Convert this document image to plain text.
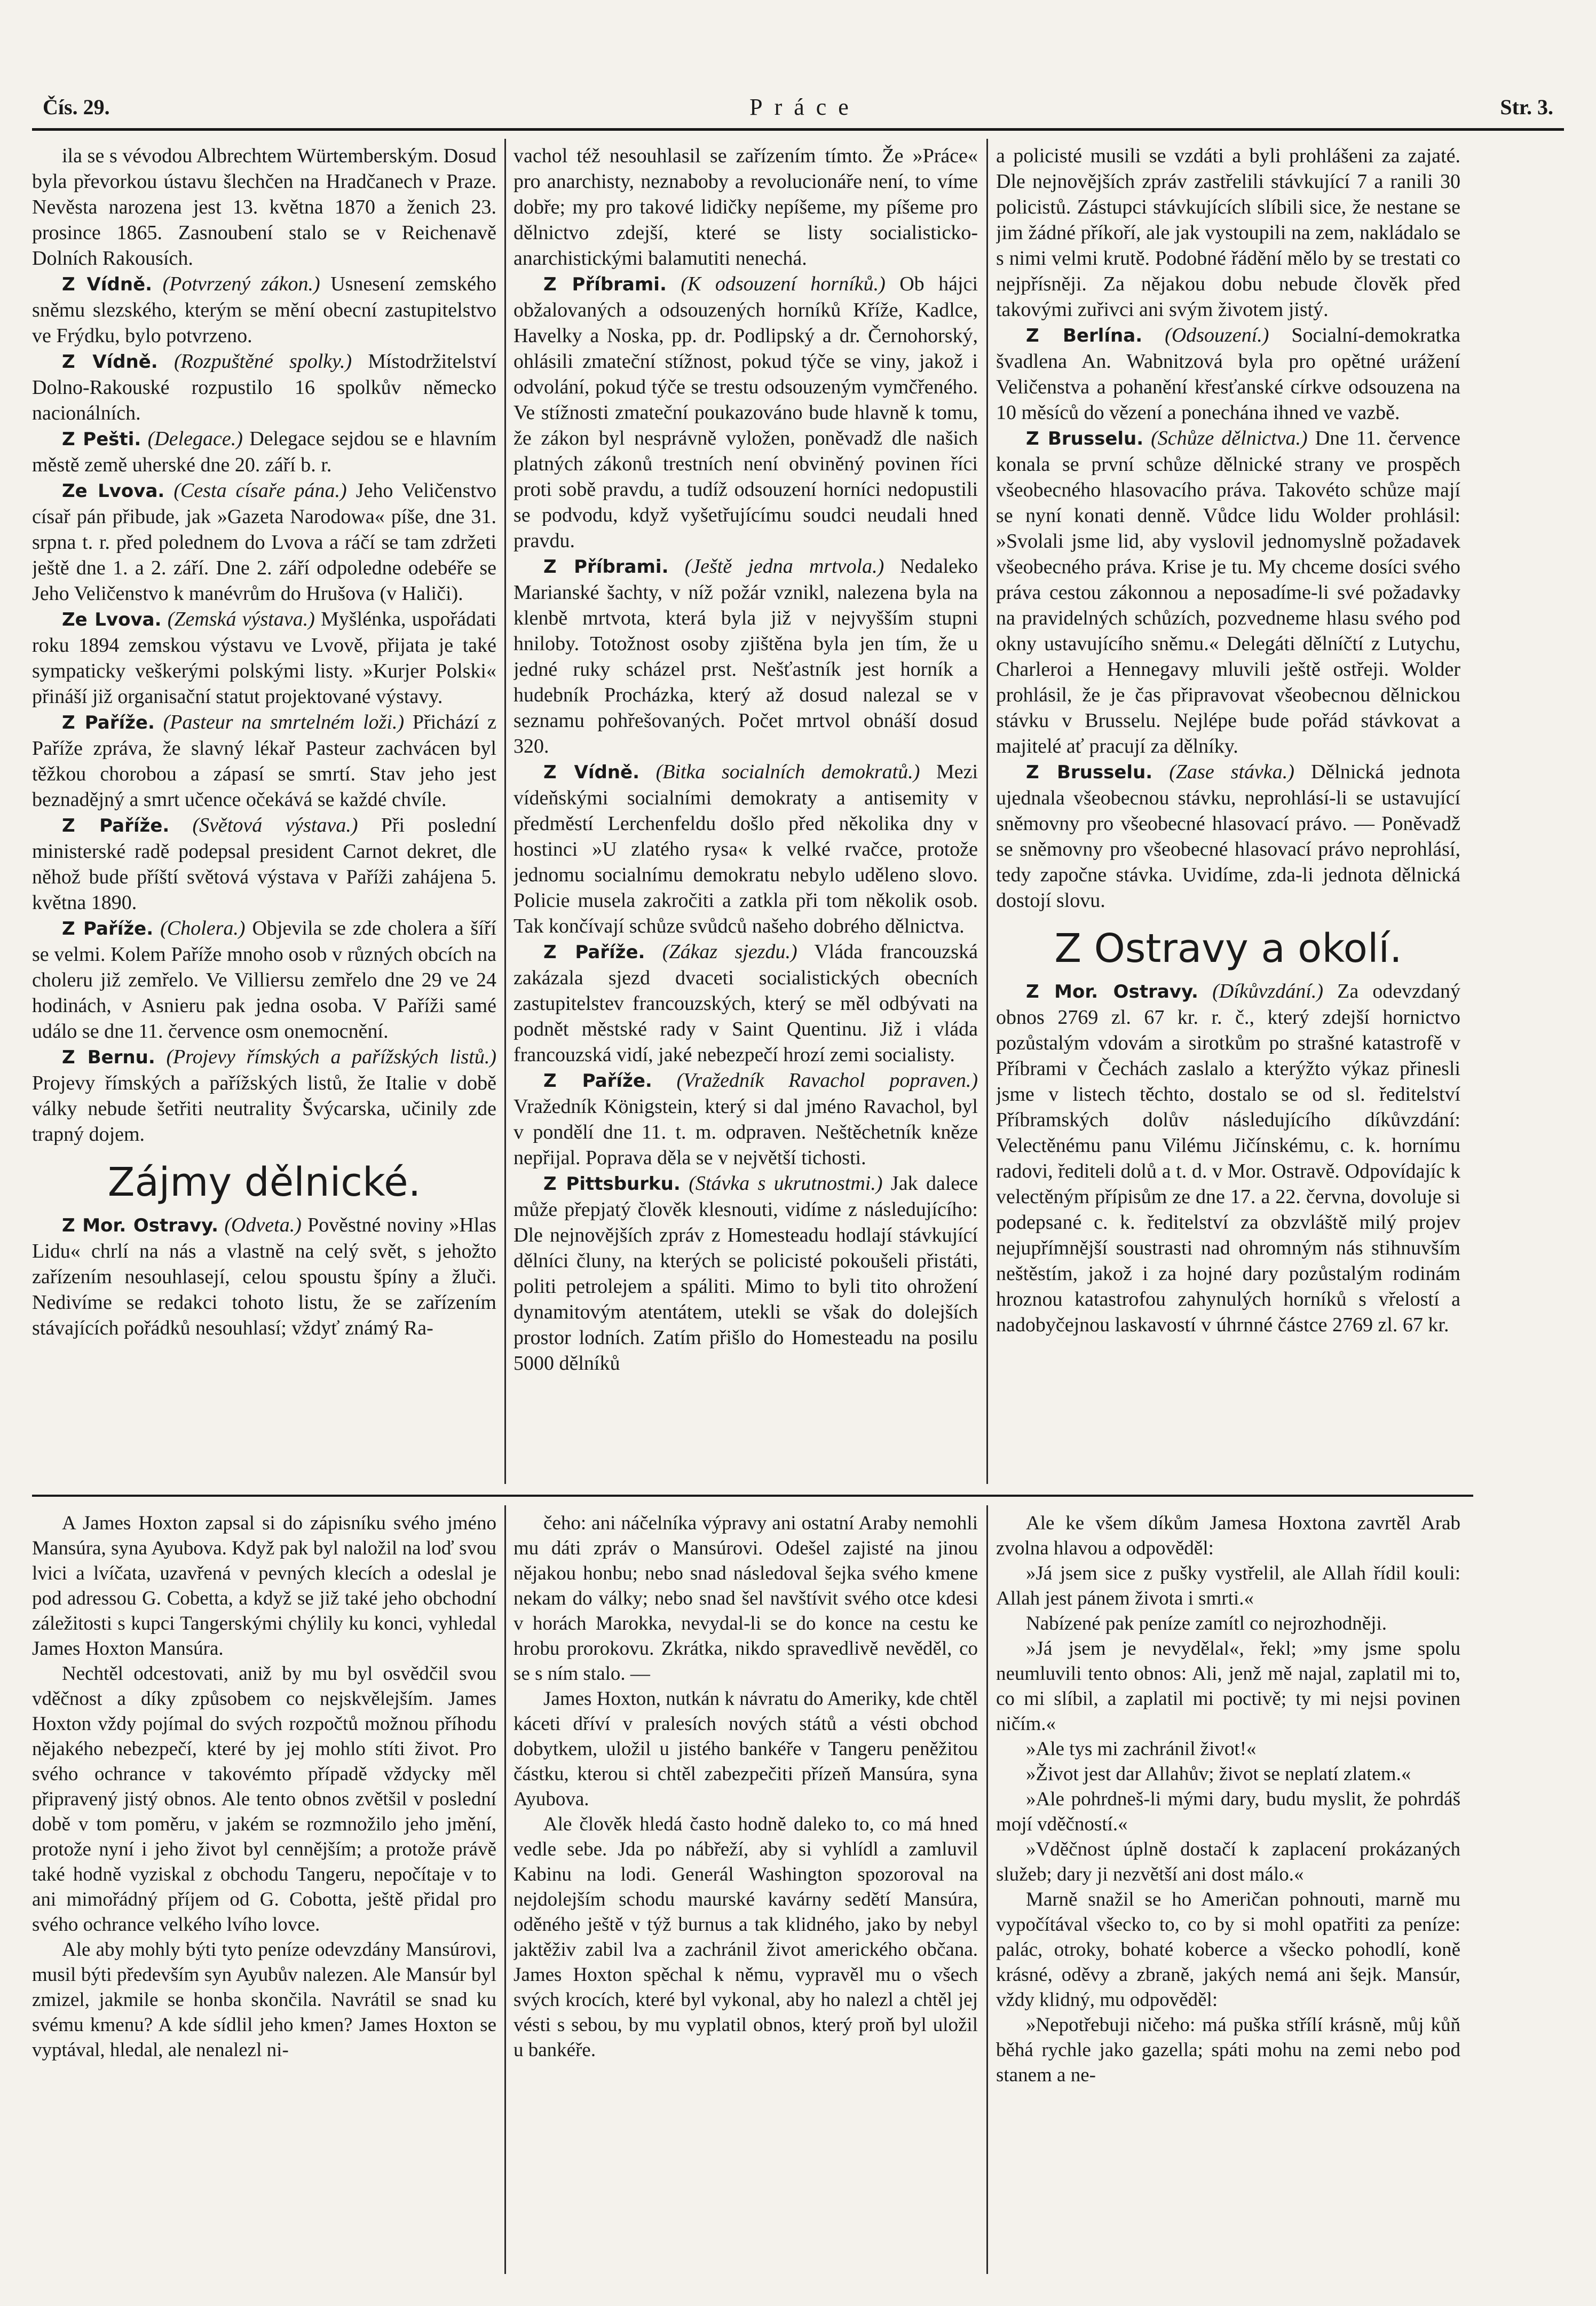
Čís. 29.	Práce	Str. 3.

ila se s vévodou Albrechtem Würtemberským. Dosud byla převorkou ústavu šlechčen na Hradčanech v Praze. Nevěsta narozena jest 13. května 1870 a ženich 23. prosince 1865. Zasnoubení stalo se v Reichenavě Dolních Rakousích.

Z Vídně. (Potvrzený zákon.) Usnesení zemského sněmu slezského, kterým se mění obecní zastupitelstvo ve Frýdku, bylo potvrzeno.

Z Vídně. (Rozpuštěné spolky.) Místodržitelství Dolno-Rakouské rozpustilo 16 spolkův německo nacionálních.

Z Pešti. (Delegace.) Delegace sejdou se e hlavním městě země uherské dne 20. září b. r.

Ze Lvova. (Cesta císaře pána.) Jeho Veličenstvo císař pán přibude, jak »Gazeta Narodowa« píše, dne 31. srpna t. r. před polednem do Lvova a ráčí se tam zdržeti ještě dne 1. a 2. září. Dne 2. září odpoledne odebéře se Jeho Veličenstvo k manévrům do Hrušova (v Haliči).

Ze Lvova. (Zemská výstava.) Myšlénka, uspořádati roku 1894 zemskou výstavu ve Lvově, přijata je také sympaticky veškerými polskými listy. »Kurjer Polski« přináší již organisační statut projektované výstavy.

Z Paříže. (Pasteur na smrtelném loži.) Přichází z Paříže zpráva, že slavný lékař Pasteur zachvácen byl těžkou chorobou a zápasí se smrtí. Stav jeho jest beznadějný a smrt učence očekává se každé chvíle.

Z Paříže. (Světová výstava.) Při poslední ministerské radě podepsal president Carnot dekret, dle něhož bude příští světová výstava v Paříži zahájena 5. května 1890.

Z Paříže. (Cholera.) Objevila se zde cholera a šíří se velmi. Kolem Paříže mnoho osob v různých obcích na choleru již zemřelo. Ve Villiersu zemřelo dne 29 ve 24 hodinách, v Asnieru pak jedna osoba. V Paříži samé událo se dne 11. července osm onemocnění.

Z Bernu. (Projevy římských a pařížských listů.) Projevy římských a pařížských listů, že Italie v době války nebude šetřiti neutrality Švýcarska, učinily zde trapný dojem.

Zájmy dělnické.

Z Mor. Ostravy. (Odveta.) Pověstné noviny »Hlas Lidu« chrlí na nás a vlastně na celý svět, s jehožto zařízením nesouhlasejí, celou spoustu špíny a žluči. Nedivíme se redakci tohoto listu, že se zařízením stávajících pořádků nesouhlasí; vždyť známý Ra-

vachol též nesouhlasil se zařízením tímto. Že »Práce« pro anarchisty, neznaboby a revolucionáře není, to víme dobře; my pro takové lidičky nepíšeme, my píšeme pro dělnictvo zdejší, které se listy socialisticko-anarchistickými balamutiti nenechá.

Z Příbrami. (K odsouzení horníků.) Ob hájci obžalovaných a odsouzených horníků Kříže, Kadlce, Havelky a Noska, pp. dr. Podlipský a dr. Černohorský, ohlásili zmateční stížnost, pokud týče se viny, jakož i odvolání, pokud týče se trestu odsouzeným vymčřeného. Ve stížnosti zmateční poukazováno bude hlavně k tomu, že zákon byl nesprávně vyložen, poněvadž dle našich platných zákonů trestních není obviněný povinen říci proti sobě pravdu, a tudíž odsouzení horníci nedopustili se podvodu, když vyšetřujícímu soudci neudali hned pravdu.

Z Příbrami. (Ještě jedna mrtvola.) Nedaleko Marianské šachty, v níž požár vznikl, nalezena byla na klenbě mrtvota, která byla již v nejvyšším stupni hniloby. Totožnost osoby zjištěna byla jen tím, že u jedné ruky scházel prst. Nešťastník jest horník a hudebník Procházka, který až dosud nalezal se v seznamu pohřešovaných. Počet mrtvol obnáší dosud 320.

Z Vídně. (Bitka socialních demokratů.) Mezi vídeňskými socialními demokraty a antisemity v předměstí Lerchenfeldu došlo před několika dny v hostinci »U zlatého rysa« k velké rvačce, protože jednomu socialnímu demokratu nebylo uděleno slovo. Policie musela zakročiti a zatkla při tom několik osob. Tak končívají schůze svůdců našeho dobrého dělnictva.

Z Paříže. (Zákaz sjezdu.) Vláda francouzská zakázala sjezd dvaceti socialistických obecních zastupitelstev francouzských, který se měl odbývati na podnět městské rady v Saint Quentinu. Již i vláda francouzská vidí, jaké nebezpečí hrozí zemi socialisty.

Z Paříže. (Vražedník Ravachol popraven.) Vražedník Königstein, který si dal jméno Ravachol, byl v pondělí dne 11. t. m. odpraven. Neštěchetník kněze nepřijal. Poprava děla se v největší tichosti.

Z Pittsburku. (Stávka s ukrutnostmi.) Jak dalece může přepjatý člověk klesnouti, vidíme z následujícího: Dle nejnovějších zpráv z Homesteadu hodlají stávkující dělníci čluny, na kterých se policisté pokoušeli přistáti, politi petrolejem a spáliti. Mimo to byli tito ohrožení dynamitovým atentátem, utekli se však do dolejších prostor lodních. Zatím přišlo do Homesteadu na posilu 5000 dělníků

a policisté musili se vzdáti a byli prohlášeni za zajaté. Dle nejnovějších zpráv zastřelili stávkující 7 a ranili 30 policistů. Zástupci stávkujících slíbili sice, že nestane se jim žádné příkoří, ale jak vystoupili na zem, nakládalo se s nimi velmi krutě. Podobné řádění mělo by se trestati co nejpřísněji. Za nějakou dobu nebude člověk před takovými zuřivci ani svým životem jistý.

Z Berlína. (Odsouzení.) Socialní-demokratka švadlena An. Wabnitzová byla pro opětné urážení Veličenstva a pohanění křesťanské církve odsouzena na 10 měsíců do vězení a ponechána ihned ve vazbě.

Z Brusselu. (Schůze dělnictva.) Dne 11. července konala se první schůze dělnické strany ve prospěch všeobecného hlasovacího práva. Takovéto schůze mají se nyní konati denně. Vůdce lidu Wolder prohlásil: »Svolali jsme lid, aby vyslovil jednomyslně požadavek všeobecného práva. Krise je tu. My chceme dosíci svého práva cestou zákonnou a neposadíme-li své požadavky na pravidelných schůzích, pozvedneme hlasu svého pod okny ustavujícího sněmu.« Delegáti dělníčtí z Lutychu, Charleroi a Hennegavy mluvili ještě ostřeji. Wolder prohlásil, že je čas připravovat všeobecnou dělnickou stávku v Brusselu. Nejlépe bude pořád stávkovat a majitelé ať pracují za dělníky.

Z Brusselu. (Zase stávka.) Dělnická jednota ujednala všeobecnou stávku, neprohlásí-li se ustavující sněmovny pro všeobecné hlasovací právo. — Poněvadž se sněmovny pro všeobecné hlasovací právo neprohlásí, tedy započne stávka. Uvidíme, zda-li jednota dělnická dostojí slovu.

Z Ostravy a okolí.

Z Mor. Ostravy. (Díkůvzdání.) Za odevzdaný obnos 2769 zl. 67 kr. r. č., který zdejší hornictvo pozůstalým vdovám a sirotkům po strašné katastrofě v Příbrami v Čechách zaslalo a kterýžto výkaz přinesli jsme v listech těchto, dostalo se od sl. ředitelství Příbramských dolův následujícího díkůvzdání: Velectěnému panu Vilému Jičínskému, c. k. hornímu radovi, řediteli dolů a t. d. v Mor. Ostravě. Odpovídajíc k velectěným přípisům ze dne 17. a 22. června, dovoluje si podepsané c. k. ředitelství za obzvláště milý projev nejupřímnější soustrasti nad ohromným nás stihnuvším neštěstím, jakož i za hojné dary pozůstalým rodinám hroznou katastrofou zahynulých horníků s vřelostí a nadobyčejnou laskavostí v úhrnné částce 2769 zl. 67 kr.

A James Hoxton zapsal si do zápisníku svého jméno Mansúra, syna Ayubova. Když pak byl naložil na loď svou lvici a lvíčata, uzavřená v pevných klecích a odeslal je pod adressou G. Cobetta, a když se již také jeho obchodní záležitosti s kupci Tangerskými chýlily ku konci, vyhledal James Hoxton Mansúra.

Nechtěl odcestovati, aniž by mu byl osvědčil svou vděčnost a díky způsobem co nejskvělejším. James Hoxton vždy pojímal do svých rozpočtů možnou příhodu nějakého nebezpečí, které by jej mohlo stíti život. Pro svého ochrance v takovémto případě vždycky měl připravený jistý obnos. Ale tento obnos zvětšil v poslední době v tom poměru, v jakém se rozmnožilo jeho jmění, protože nyní i jeho život byl cennějším; a protože právě také hodně vyziskal z obchodu Tangeru, nepočítaje v to ani mimořádný příjem od G. Cobotta, ještě přidal pro svého ochrance velkého lvího lovce.

Ale aby mohly býti tyto peníze odevzdány Mansúrovi, musil býti především syn Ayubův nalezen. Ale Mansúr byl zmizel, jakmile se honba skončila. Navrátil se snad ku svému kmenu? A kde sídlil jeho kmen? James Hoxton se vyptával, hledal, ale nenalezl ni-

čeho: ani náčelníka výpravy ani ostatní Araby nemohli mu dáti zpráv o Mansúrovi. Odešel zajisté na jinou nějakou honbu; nebo snad následoval šejka svého kmene nekam do války; nebo snad šel navštívit svého otce kdesi v horách Marokka, nevydal-li se do konce na cestu ke hrobu prorokovu. Zkrátka, nikdo spravedlivě nevěděl, co se s ním stalo. —

James Hoxton, nutkán k návratu do Ameriky, kde chtěl káceti dříví v pralesích nových států a vésti obchod dobytkem, uložil u jistého bankéře v Tangeru peněžitou částku, kterou si chtěl zabezpečiti přízeň Mansúra, syna Ayubova.

Ale člověk hledá často hodně daleko to, co má hned vedle sebe. Jda po nábřeží, aby si vyhlídl a zamluvil Kabinu na lodi. Generál Washington spozoroval na nejdolejším schodu maurské kavárny sedětí Mansúra, oděného ještě v týž burnus a tak klidného, jako by nebyl jaktěživ zabil lva a zachránil život amerického občana. James Hoxton spěchal k němu, vypravěl mu o všech svých krocích, které byl vykonal, aby ho nalezl a chtěl jej vésti s sebou, by mu vyplatil obnos, který proň byl uložil u bankéře.

Ale ke všem díkům Jamesa Hoxtona zavrtěl Arab zvolna hlavou a odpověděl:

»Já jsem sice z pušky vystřelil, ale Allah řídil kouli: Allah jest pánem života i smrti.«

Nabízené pak peníze zamítl co nejrozhodněji.

»Já jsem je nevydělal«, řekl; »my jsme spolu neumluvili tento obnos: Ali, jenž mě najal, zaplatil mi to, co mi slíbil, a zaplatil mi poctivě; ty mi nejsi povinen ničím.«

»Ale tys mi zachránil život!«

»Život jest dar Allahův; život se neplatí zlatem.«

»Ale pohrdneš-li mými dary, budu myslit, že pohrdáš mojí vděčností.«

»Vděčnost úplně dostačí k zaplacení prokázaných služeb; dary ji nezvětší ani dost málo.«

Marně snažil se ho Američan pohnouti, marně mu vypočítával všecko to, co by si mohl opatřiti za peníze: palác, otroky, bohaté koberce a všecko pohodlí, koně krásné, oděvy a zbraně, jakých nemá ani šejk. Mansúr, vždy klidný, mu odpověděl:

»Nepotřebuji ničeho: má puška střílí krásně, můj kůň běhá rychle jako gazella; spáti mohu na zemi nebo pod stanem a ne-
